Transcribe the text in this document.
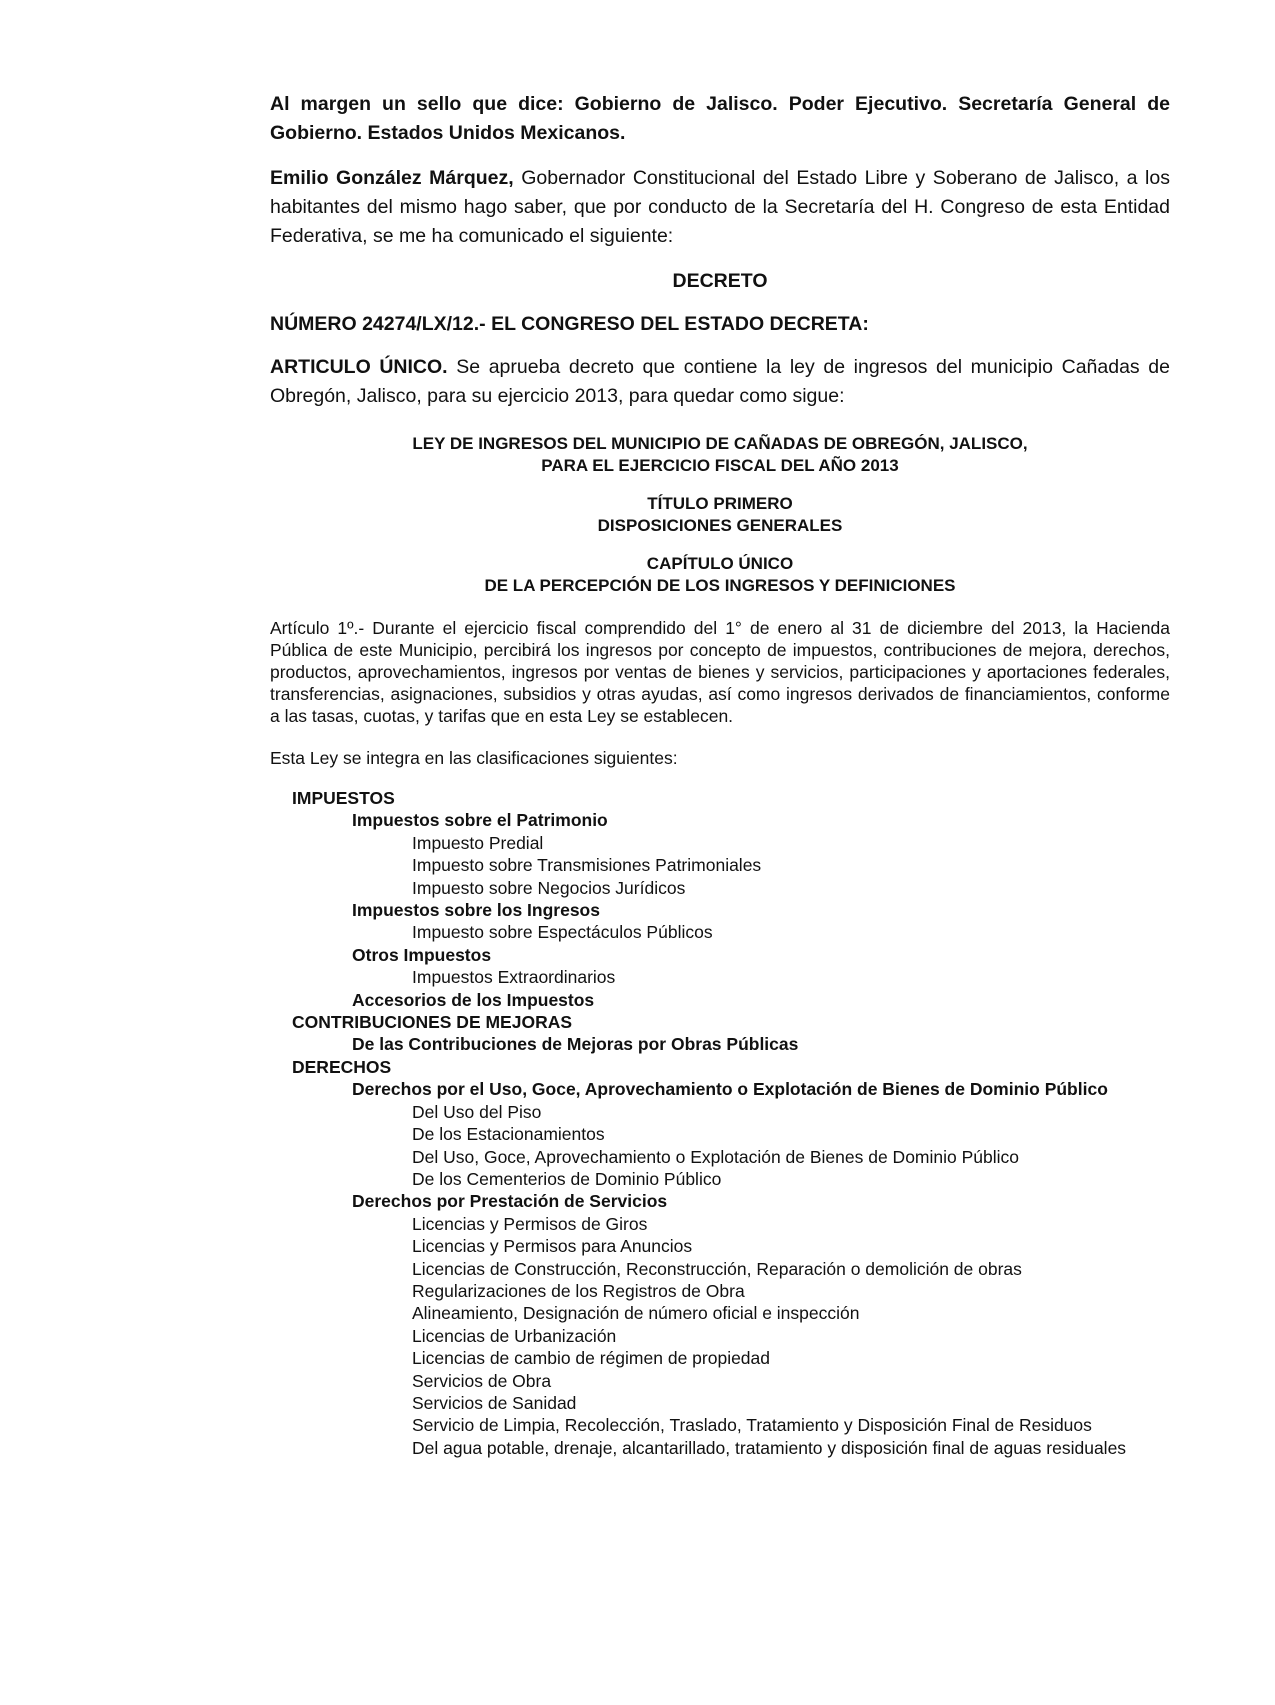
Al margen un sello que dice: Gobierno de Jalisco. Poder Ejecutivo. Secretaría General de Gobierno. Estados Unidos Mexicanos.

Emilio González Márquez, Gobernador Constitucional del Estado Libre y Soberano de Jalisco, a los habitantes del mismo hago saber, que por conducto de la Secretaría del H. Congreso de esta Entidad Federativa, se me ha comunicado el siguiente:

DECRETO

NÚMERO 24274/LX/12.- EL CONGRESO DEL ESTADO DECRETA:

ARTICULO ÚNICO. Se aprueba decreto que contiene la ley de ingresos del municipio Cañadas de Obregón, Jalisco, para su ejercicio 2013, para quedar como sigue:

LEY DE INGRESOS DEL MUNICIPIO DE CAÑADAS DE OBREGÓN, JALISCO,
PARA EL EJERCICIO FISCAL DEL AÑO 2013
TÍTULO PRIMERO
DISPOSICIONES GENERALES
CAPÍTULO ÚNICO
DE LA PERCEPCIÓN DE LOS INGRESOS Y DEFINICIONES

Artículo 1º.- Durante el ejercicio fiscal comprendido del 1° de enero al 31 de diciembre del 2013, la Hacienda Pública de este Municipio, percibirá los ingresos por concepto de impuestos, contribuciones de mejora, derechos, productos, aprovechamientos, ingresos por ventas de bienes y servicios, participaciones y aportaciones federales, transferencias, asignaciones, subsidios y otras ayudas, así como ingresos derivados de financiamientos, conforme a las tasas, cuotas, y tarifas que en esta Ley se establecen.

Esta Ley se integra en las clasificaciones siguientes:

IMPUESTOS
Impuestos sobre el Patrimonio
Impuesto Predial
Impuesto sobre Transmisiones Patrimoniales
Impuesto sobre Negocios Jurídicos
Impuestos sobre los Ingresos
Impuesto sobre Espectáculos Públicos
Otros Impuestos
Impuestos Extraordinarios
Accesorios de los Impuestos
CONTRIBUCIONES DE MEJORAS
De las Contribuciones de Mejoras por Obras Públicas
DERECHOS
Derechos por el Uso, Goce, Aprovechamiento o Explotación de Bienes de Dominio Público
Del Uso del Piso
De los Estacionamientos
Del Uso, Goce, Aprovechamiento o Explotación de Bienes de Dominio Público
De los Cementerios de Dominio Público
Derechos por Prestación de Servicios
Licencias y Permisos de Giros
Licencias y Permisos para Anuncios
Licencias de Construcción, Reconstrucción, Reparación o demolición de obras
Regularizaciones de los Registros de Obra
Alineamiento, Designación de número oficial e inspección
Licencias de Urbanización
Licencias de cambio de régimen de propiedad
Servicios de Obra
Servicios de Sanidad
Servicio de Limpia, Recolección, Traslado, Tratamiento y Disposición Final de Residuos
Del agua potable, drenaje, alcantarillado, tratamiento y disposición final de aguas residuales
